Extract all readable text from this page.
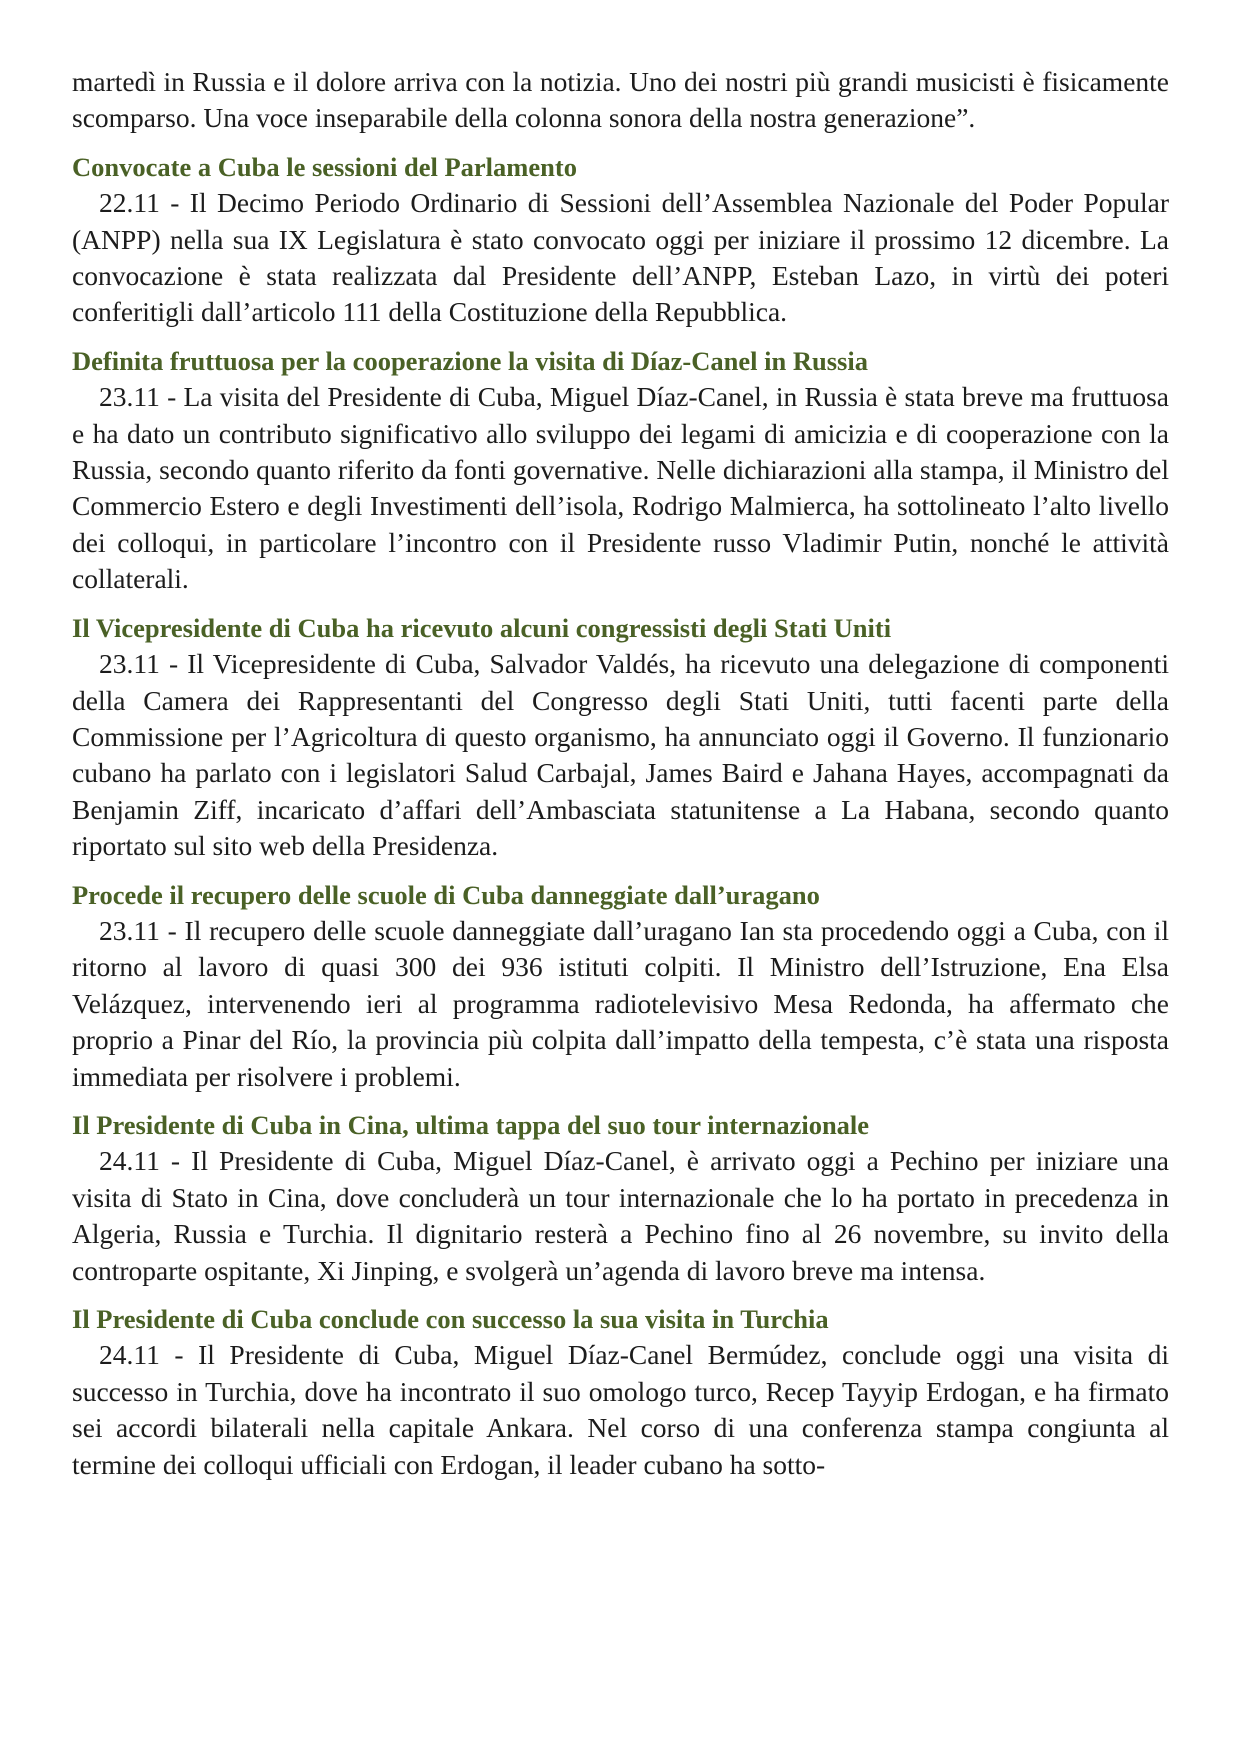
martedì in Russia e il dolore arriva con la notizia. Uno dei nostri più grandi musicisti è fisicamente scomparso. Una voce inseparabile della colonna sonora della nostra generazione”.

Convocate a Cuba le sessioni del Parlamento

22.11 - Il Decimo Periodo Ordinario di Sessioni dell’Assemblea Nazionale del Poder Popular (ANPP) nella sua IX Legislatura è stato convocato oggi per iniziare il prossimo 12 dicembre. La convocazione è stata realizzata dal Presidente dell’ANPP, Esteban Lazo, in virtù dei poteri conferitigli dall’articolo 111 della Costituzione della Repubblica.

Definita fruttuosa per la cooperazione la visita di Díaz-Canel in Russia

23.11 - La visita del Presidente di Cuba, Miguel Díaz-Canel, in Russia è stata breve ma fruttuosa e ha dato un contributo significativo allo sviluppo dei legami di amicizia e di cooperazione con la Russia, secondo quanto riferito da fonti governative. Nelle dichiarazioni alla stampa, il Ministro del Commercio Estero e degli Investimenti dell’isola, Rodrigo Malmierca, ha sottolineato l’alto livello dei colloqui, in particolare l’incontro con il Presidente russo Vladimir Putin, nonché le attività collaterali.

Il Vicepresidente di Cuba ha ricevuto alcuni congressisti degli Stati Uniti

23.11 - Il Vicepresidente di Cuba, Salvador Valdés, ha ricevuto una delegazione di componenti della Camera dei Rappresentanti del Congresso degli Stati Uniti, tutti facenti parte della Commissione per l’Agricoltura di questo organismo, ha annunciato oggi il Governo. Il funzionario cubano ha parlato con i legislatori Salud Carbajal, James Baird e Jahana Hayes, accompagnati da Benjamin Ziff, incaricato d’affari dell’Ambasciata statunitense a La Habana, secondo quanto riportato sul sito web della Presidenza.

Procede il recupero delle scuole di Cuba danneggiate dall’uragano

23.11 - Il recupero delle scuole danneggiate dall’uragano Ian sta procedendo oggi a Cuba, con il ritorno al lavoro di quasi 300 dei 936 istituti colpiti. Il Ministro dell’Istruzione, Ena Elsa Velázquez, intervenendo ieri al programma radiotelevisivo Mesa Redonda, ha affermato che proprio a Pinar del Río, la provincia più colpita dall’impatto della tempesta, c’è stata una risposta immediata per risolvere i problemi.

Il Presidente di Cuba in Cina, ultima tappa del suo tour internazionale

24.11 - Il Presidente di Cuba, Miguel Díaz-Canel, è arrivato oggi a Pechino per iniziare una visita di Stato in Cina, dove concluderà un tour internazionale che lo ha portato in precedenza in Algeria, Russia e Turchia. Il dignitario resterà a Pechino fino al 26 novembre, su invito della controparte ospitante, Xi Jinping, e svolgerà un’agenda di lavoro breve ma intensa.

Il Presidente di Cuba conclude con successo la sua visita in Turchia

24.11 - Il Presidente di Cuba, Miguel Díaz-Canel Bermúdez, conclude oggi una visita di successo in Turchia, dove ha incontrato il suo omologo turco, Recep Tayyip Erdogan, e ha firmato sei accordi bilaterali nella capitale Ankara. Nel corso di una conferenza stampa congiunta al termine dei colloqui ufficiali con Erdogan, il leader cubano ha sotto-
